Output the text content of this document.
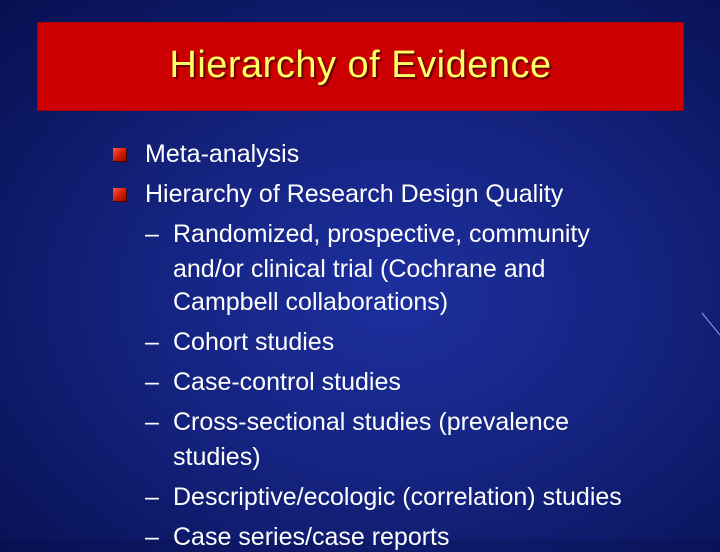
Hierarchy of Evidence
Meta-analysis
Hierarchy of Research Design Quality
– Randomized, prospective, community
and/or clinical trial (Cochrane and
Campbell collaborations)
– Cohort studies
– Case-control studies
– Cross-sectional studies (prevalence
studies)
– Descriptive/ecologic (correlation) studies
– Case series/case reports
